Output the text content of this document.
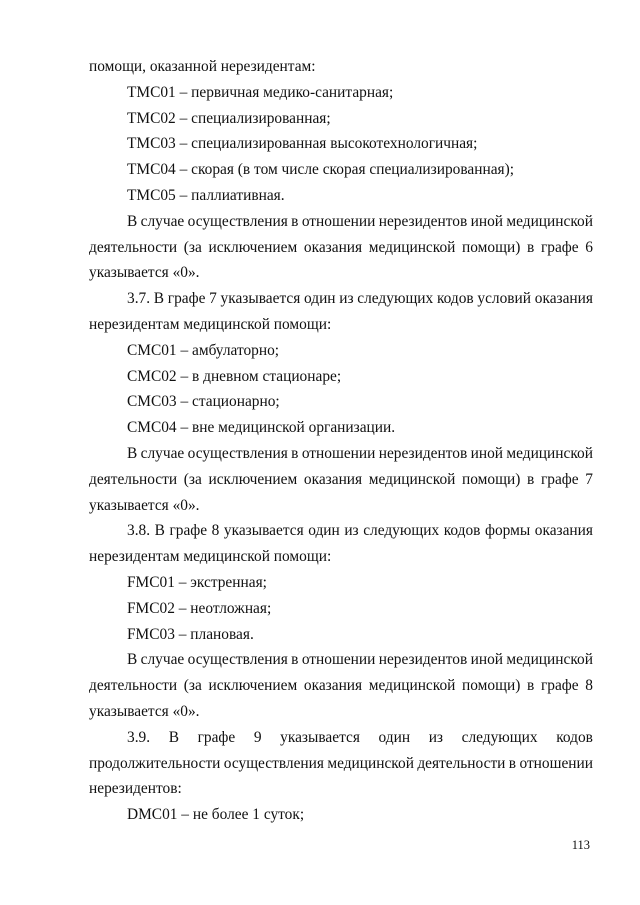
помощи, оказанной нерезидентам:
TMC01 – первичная медико-санитарная;
TMC02 – специализированная;
TMC03 – специализированная высокотехнологичная;
TMC04 – скорая (в том числе скорая специализированная);
TMC05 – паллиативная.
В случае осуществления в отношении нерезидентов иной медицинской
деятельности (за исключением оказания медицинской помощи) в графе 6
указывается «0».
3.7. В графе 7 указывается один из следующих кодов условий оказания
нерезидентам медицинской помощи:
CMC01 – амбулаторно;
CMC02 – в дневном стационаре;
CMC03 – стационарно;
CMC04 – вне медицинской организации.
В случае осуществления в отношении нерезидентов иной медицинской
деятельности (за исключением оказания медицинской помощи) в графе 7
указывается «0».
3.8. В графе 8 указывается один из следующих кодов формы оказания
нерезидентам медицинской помощи:
FMC01 – экстренная;
FMC02 – неотложная;
FMC03 – плановая.
В случае осуществления в отношении нерезидентов иной медицинской
деятельности (за исключением оказания медицинской помощи) в графе 8
указывается «0».
3.9. В графе 9 указывается один из следующих кодов
продолжительности осуществления медицинской деятельности в отношении
нерезидентов:
DMC01 – не более 1 суток;
113
